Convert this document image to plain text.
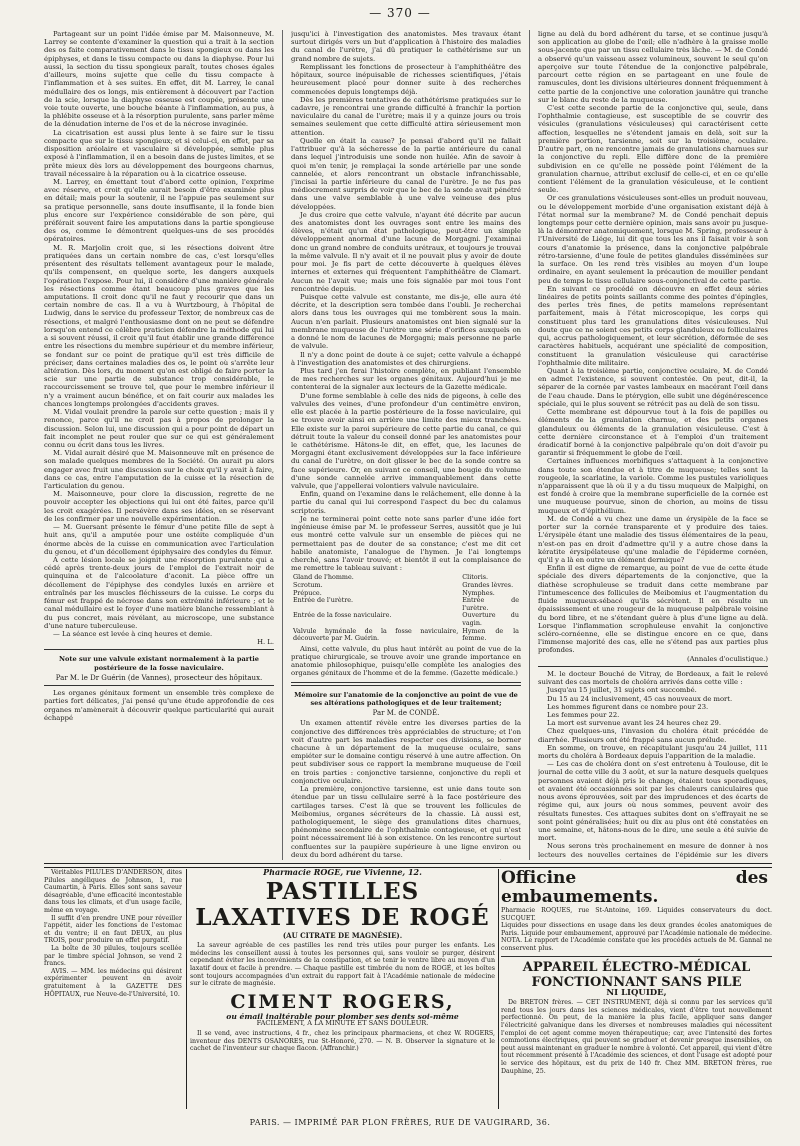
— 370 —

Partageant sur un point l'idée émise par M. Maisonneuve, M. Larrey se contente d'examiner la question qui a trait à la section des os faite comparativement dans le tissu spongieux ou dans les épiphyses, et dans le tissu compacte ou dans la diaphyse. Pour lui aussi, la section du tissu spongieux paraît, toutes choses égales d'ailleurs, moins sujette que celle du tissu compacte à l'inflammation et à ses suites. En effet, dit M. Larrey, le canal médullaire des os longs, mis entièrement à découvert par l'action de la scie, lorsque la diaphyse osseuse est coupée, présente une voie toute ouverte, une bouche béante à l'inflammation, au pus, à la phlébite osseuse et à la résorption purulente, sans parler même de la dénudation interne de l'os et de la nécrose invaginée.

La cicatrisation est aussi plus lente à se faire sur le tissu compacte que sur le tissu spongieux; et si celui-ci, en effet, par sa disposition aréolaire et vasculaire si développée, semble plus exposé à l'inflammation, il en a besoin dans de justes limites, et se prête mieux dès lors au développement des bourgeons charnus, travail nécessaire à la réparation ou à la cicatrice osseuse.

M. Larrey, en émettant tout d'abord cette opinion, l'exprime avec réserve, et croit qu'elle aurait besoin d'être examinée plus en détail; mais pour la soutenir, il ne l'appuie pas seulement sur sa pratique personnelle, sans doute insuffisante, il la fonde bien plus encore sur l'expérience considérable de son père, qui préférait souvent faire les amputations dans la partie spongieuse des os, comme le démontrent quelques-uns de ses procédés opératoires.

M. R. Marjolin croit que, si les résections doivent être pratiquées dans un certain nombre de cas, c'est lorsqu'elles présentent des résultats tellement avantageux pour le malade, qu'ils compensent, en quelque sorte, les dangers auxquels l'opération l'expose. Pour lui, il considère d'une manière générale les résections comme étant beaucoup plus graves que les amputations. Il croit donc qu'il ne faut y recourir que dans un certain nombre de cas. Il a vu à Wurtzbourg, à l'hôpital de Ludwig, dans le service du professeur Textor, de nombreux cas de résections, et malgré l'enthousiasme dont on ne peut se défendre lorsqu'on entend ce célèbre praticien défendre la méthode qui lui a si souvent réussi, il croit qu'il faut établir une grande différence entre les résections du membre supérieur et du membre inférieur, se fondant sur ce point de pratique qu'il est très difficile de préciser, dans certaines maladies des os, le point où s'arrête leur altération. Dès lors, du moment qu'on est obligé de faire porter la scie sur une partie de substance trop considérable, le raccourcissement se trouve tel, que pour le membre inférieur il n'y a vraiment aucun bénéfice, et on fait courir aux malades les chances longtemps prolongées d'accidents graves.

M. Vidal voulait prendre la parole sur cette question ; mais il y renonce, parce qu'il ne croit pas à propos de prolonger la discussion. Selon lui, une discussion qui a pour point de départ un fait incomplet ne peut rouler que sur ce qui est généralement connu ou écrit dans tous les livres.

M. Vidal aurait désiré que M. Maisonneuve mît en présence de son malade quelques membres de la Société. On aurait pu alors engager avec fruit une discussion sur le choix qu'il y avait à faire, dans ce cas, entre l'amputation de la cuisse et la résection de l'articulation du genou.

M. Maisonneuve, pour clore la discussion, regrette de ne pouvoir accepter les objections qui lui ont été faites, parce qu'il les croit exagérées. Il persévère dans ses idées, en se réservant de les confirmer par une nouvelle expérimentation.

— M. Guersant présente le fémur d'une petite fille de sept à huit ans, qu'il a amputée pour une ostéite compliquée d'un énorme abcès de la cuisse en communication avec l'articulation du genou, et d'un décollement épiphysaire des condyles du fémur.

A cette lésion locale se joignit une résorption purulente qui a cédé après trente-deux jours de l'emploi de l'extrait noir de quinquina et de l'alcoolature d'aconit. La pièce offre un décollement de l'épiphyse des condyles luxés en arrière et entraînés par les muscles fléchisseurs de la cuisse. Le corps du fémur est frappé de nécrose dans son extrémité inférieure ; et le canal médullaire est le foyer d'une matière blanche ressemblant à du pus concret, mais révélant, au microscope, une substance d'une nature tuberculeuse.

— La séance est levée à cinq heures et demie.

H. L.

Note sur une valvule existant normalement à la partie postérieure de la fosse naviculaire.

Par M. le Dr Guérin (de Vannes), prosecteur des hôpitaux.

Les organes génitaux forment un ensemble très complexe de parties fort délicates, j'ai pensé qu'une étude approfondie de ces organes m'amènerait à découvrir quelque particularité qui aurait échappé

jusqu'ici à l'investigation des anatomistes. Mes travaux étant surtout dirigés vers un but d'application à l'histoire des maladies du canal de l'urètre, j'ai dû pratiquer le cathétérisme sur un grand nombre de sujets.

Remplissant les fonctions de prosecteur à l'amphithéâtre des hôpitaux, source inépuisable de richesses scientifiques, j'étais heureusement placé pour donner suite à des recherches commencées depuis longtemps déjà.

Dès les premières tentatives de cathétérisme pratiquées sur le cadavre, je rencontrai une grande difficulté à franchir la portion naviculaire du canal de l'urètre; mais il y a quinze jours ou trois semaines seulement que cette difficulté attira sérieusement mon attention.

Quelle en était la cause? Je pensai d'abord qu'il ne fallait l'attribuer qu'à la sécheresse de la partie antérieure du canal dans lequel j'introduisis une sonde non huilée. Afin de savoir à quoi m'en tenir, je remplaçai la sonde artérielle par une sonde cannelée, et alors rencontrant un obstacle infranchissable, j'incisai la partie inférieure du canal de l'urètre. Je ne fus pas médiocrement surpris de voir que le bec de la sonde avait pénétré dans une valve semblable à une valve veineuse des plus développées.

Je dus croire que cette valvule, n'ayant été décrite par aucun des anatomistes dont les ouvrages sont entre les mains des élèves, n'était qu'un état pathologique, peut-être un simple développement anormal d'une lacune de Morgagni. J'examinai donc un grand nombre de conduits urétraux, et toujours je trouvai la même valvule. Il n'y avait et il ne pouvait plus y avoir de doute pour moi. Je fis part de cette découverte à quelques élèves internes et externes qui fréquentent l'amphithéâtre de Clamart. Aucun ne l'avait vue; mais une fois signalée par moi tous l'ont rencontrée depuis.

Puisque cette valvule est constante, me dis-je, elle aura été décrite, et la description sera tombée dans l'oubli. Je recherchai alors dans tous les ouvrages qui me tombèrent sous la main. Aucun n'en parlait. Plusieurs anatomistes ont bien signalé sur la membrane muqueuse de l'urètre une série d'orifices auxquels on a donné le nom de lacunes de Morgagni; mais personne ne parle de valvule.

Il n'y a donc point de doute à ce sujet; cette valvule a échappé à l'investigation des anatomistes et des chirurgiens.

Plus tard j'en ferai l'histoire complète, en publiant l'ensemble de mes recherches sur les organes génitaux. Aujourd'hui je me contenterai de la signaler aux lecteurs de la Gazette médicale.

D'une forme semblable à celle des nids de pigeons, à celle des valvules des veines, d'une profondeur d'un centimètre environ, elle est placée à la partie postérieure de la fosse naviculaire, qui se trouve avoir ainsi en arrière une limite des mieux tranchées. Elle existe sur la paroi supérieure de cette partie du canal, ce qui détruit toute la valeur du conseil donné par les anatomistes pour le cathétérisme. Hâtons-le dit, en effet, que, les lacunes de Morgagni étant exclusivement développées sur la face inférieure du canal de l'urètre, on doit glisser le bec de la sonde contre sa face supérieure. Or, en suivant ce conseil, une bougie du volume d'une sonde cannelée arrive immanquablement dans cette valvule, que j'appellerai volontiers valvule naviculaire.

Enfin, quand on l'examine dans le relâchement, elle donne à la partie du canal qui lui correspond l'aspect du bec du calamus scriptoris.

Je ne terminerai point cette note sans parler d'une idée fort ingénieuse émise par M. le professeur Serres, aussitôt que je lui eus montré cette valvule sur un ensemble de pièces qui ne permettaient pas de douter de sa constance; c'est me dit cet habile anatomiste, l'analogue de l'hymen. Je l'ai longtemps cherché, sans l'avoir trouvé; et bientôt il eut la complaisance de me remettre le tableau suivant :

Gland de l'homme.	Clitoris.
Scrotum.	Grandes lèvres.
Prépuce.	Nymphes.
Entrée de l'urètre.	Entrée de l'urètre.
Entrée de la fosse naviculaire.	Ouverture du vagin.
Valvule hyménale de la fosse naviculaire, découverte par M. Guérin.	Hymen de la femme.

Ainsi, cette valvule, du plus haut intérêt au point de vue de la pratique chirurgicale, se trouve avoir une grande importance en anatomie philosophique, puisqu'elle complète les analogies des organes génitaux de l'homme et de la femme. (Gazette médicale.)

Mémoire sur l'anatomie de la conjonctive au point de vue de ses altérations pathologiques et de leur traitement;

Par M. de CONDÉ.

Un examen attentif révèle entre les diverses parties de la conjonctive des différences très appréciables de structure; et l'on voit d'autre part les maladies respecter ces divisions, se borner chacune à un département de la muqueuse oculaire, sans empiéter sur le domaine contigu réservé à une autre affection. On peut subdiviser sous ce rapport la membrane muqueuse de l'œil en trois parties : conjonctive tarsienne, conjonctive du repli et conjonctive oculaire.

La première, conjonctive tarsienne, est unie dans toute son étendue par un tissu cellulaire serré à la face postérieure des cartilages tarses. C'est là que se trouvent les follicules de Meibomius, organes sécréteurs de la chassie. Là aussi est, pathologiquement, le siège des granulations dites charnues, phénomène secondaire de l'ophthalmie contagieuse, et qui n'est point nécessairement lié à son existence. On les rencontre surtout confluentes sur la paupière supérieure à une ligne environ ou deux du bord adhérent du tarse.

ligne au delà du bord adhérent du tarse, et se continue jusqu'à son application au globe de l'œil; elle n'adhère à la graisse molle sous-jacente que par un tissu cellulaire très lâche. — M. de Condé a observé qu'un vaisseau assez volumineux, souvent le seul qu'on aperçoive sur toute l'étendue de la conjonctive palpébrale, parcourt cette région en se partageant en une foule de ramuscules, dont les divisions ultérieures donnent fréquemment à cette partie de la conjonctive une coloration jaunâtre qui tranche sur le blanc du reste de la muqueuse.

C'est cette seconde partie de la conjonctive qui, seule, dans l'ophthalmie contagieuse, est susceptible de se couvrir des vésicules (granulations vésiculeuses) qui caractérisent cette affection, lesquelles ne s'étendent jamais en delà, soit sur la première portion, tarsienne, soit sur la troisième, oculaire. D'autre part, on ne rencontre jamais de granulations charnues sur la conjonctive du repli. Elle diffère donc de la première subdivision en ce qu'elle ne possède point l'élément de la granulation charnue, attribut exclusif de celle-ci, et en ce qu'elle contient l'élément de la granulation vésiculeuse, et le contient seule.

Or ces granulations vésiculeuses sont-elles un produit nouveau, ou le développement morbide d'une organisation existant déjà à l'état normal sur la membrane? M. de Condé penchait depuis longtemps pour cette dernière opinion, mais sans avoir pu jusque-là la démontrer anatomiquement, lorsque M. Spring, professeur à l'Université de Liége, lui dit que tous les ans il faisait voir à son cours d'anatomie la présence, dans la conjonctive palpébrale rétro-tarsienne, d'une foule de petites glandules disséminées sur la surface. On les rend très visibles au moyen d'un loupe ordinaire, en ayant seulement la précaution de mouiller pendant peu de temps le tissu cellulaire sous-conjonctival de cette partie.

En suivant ce procédé on découvre en effet deux séries linéaires de petits points saillants comme des pointes d'épingles, des perles très fines, de petits mamelons représentant parfaitement, mais à l'état microscopique, les corps qui constituent plus tard les granulations dites vésiculeuses. Nul doute que ce ne soient ces petits corps glanduleux ou folliculaires qui, accrus pathologiquement, et leur sécrétion, déformée de ses caractères habituels, acquérant une spécialité de composition, constituent la granulation vésiculeuse qui caractérise l'ophthalmie dite militaire.

Quant à la troisième partie, conjonctive oculaire, M. de Condé en admet l'existence, si souvent contestée. On peut, dit-il, la séparer de la cornée par vastes lambeaux en macérant l'œil dans de l'eau chaude. Dans le ptérygion, elle subit une dégénérescence spéciale, qui le plus souvent se rétrécit pas au delà de son tissu.

Cette membrane est dépourvue tout à la fois de papilles ou éléments de la granulation charnue, et des petits organes glanduleux ou éléments de la granulation vésiculeuse. C'est à cette dernière circonstance et à l'emploi d'un traitement éradicatif borné à la conjonctive palpébrale qu'on doit d'avoir pu garantir si fréquemment le globe de l'œil.

Certaines influences morbifiques s'attaquent à la conjonctive dans toute son étendue et à titre de muqueuse; telles sont la rougeole, la scarlatine, la variole. Comme les pustules varioliques n'apparaissent que là où il y a du tissu muqueux de Malpighi, on est fondé à croire que la membrane superficielle de la cornée est une muqueuse pourvue, sinon de chorion, au moins de tissu muqueux et d'épithélium.

M. de Condé a vu chez une dame un érysipèle de la face se porter sur la cornée transparente et y produire des taies. L'érysipèle étant une maladie des tissus élémentaires de la peau, n'est-on pas en droit d'admettre qu'il y a autre chose dans la kératite érysipélateuse qu'une maladie de l'épiderme cornéen, qu'il y a là en outre un élément dermique?

Enfin il est digne de remarque, au point de vue de cette étude spéciale des divers départements de la conjonctive, que la diathèse scrophuleuse se traduit dans cette membrane par l'intumescence des follicules de Meibomius et l'augmentation du fluide muqueux-sébacé qu'ils sécrètent. Il en résulte un épaississement et une rougeur de la muqueuse palpébrale voisine du bord libre, et ne s'étendant guère à plus d'une ligne au delà. Lorsque l'inflammation scrophuleuse envahit la conjonctive scléro-cornéenne, elle se distingue encore en ce que, dans l'immense majorité des cas, elle ne s'étend pas aux parties plus profondes.

(Annales d'oculistique.)

M. le docteur Bouché de Vitray, de Bordeaux, a fait le relevé suivant des cas mortels de choléra arrivés dans cette ville :

Jusqu'au 15 juillet, 31 sujets ont succombé.

Du 15 au 24 inclusivement, 45 cas nouveaux de mort.

Les hommes figurent dans ce nombre pour 23.

Les femmes pour 22.

La mort est survenue avant les 24 heures chez 29.

Chez quelques-uns, l'invasion du choléra était précédée de diarrhée. Plusieurs ont été frappé sans aucun prélude.

En somme, on trouve, en récapitulant jusqu'au 24 juillet, 111 morts du choléra à Bordeaux depuis l'apparition de la maladie.

— Les cas de choléra dont on s'est entretenu à Toulouse, dit le journal de cette ville du 3 août, et sur la nature desquels quelques personnes avaient déjà pris le change, étaient tous sporadiques, et avaient été occasionnés soit par les chaleurs caniculaires que nous avons éprouvées, soit par des imprudences et des écarts de régime qui, aux jours où nous sommes, peuvent avoir des résultats funestes. Ces attaques subites dont on s'effrayait ne se sont point généralisées; huit ou dix au plus ont été constatées en une semaine, et, hâtons-nous de le dire, une seule a été suivie de mort.

Nous serons très prochainement en mesure de donner à nos lecteurs des nouvelles certaines de l'épidémie sur les divers

Véritables PILULES D'ANDERSON, dites Pilules angéliques de Johnson, 1, rue Caumartin, à Paris. Elles sont sans saveur désagréable, d'une efficacité incontestable dans tous les climats, et d'un usage facile, même en voyage.

Il suffit d'en prendre UNE pour réveiller l'appétit, aider les fonctions de l'estomac et du ventre; il en faut DEUX, au plus TROIS, pour produire un effet purgatif.

La boîte de 30 pilules, toujours scellée par le timbre spécial Johnson, se vend 2 francs.

AVIS. — MM. les médecins qui désirent expérimenter peuvent en avoir gratuitement à la GAZETTE DES HÔPITAUX, rue Neuve-de-l'Université, 10.

Pharmacie ROGÉ, rue Vivienne, 12.
PASTILLES LAXATIVES DE ROGÉ
(AU CITRATE DE MAGNÉSIE).

La saveur agréable de ces pastilles les rend très utiles pour purger les enfants. Les médecins les conseillent aussi à toutes les personnes qui, sans vouloir se purger, désirent cependant éviter les inconvénients de la constipation, et se tenir le ventre libre au moyen d'un laxatif doux et facile à prendre. — Chaque pastille est timbrée du nom de ROGÉ, et les boîtes sont toujours accompagnées d'un extrait du rapport fait à l'Académie nationale de médecine sur le citrate de magnésie.

CIMENT ROGERS,
ou émail inaltérable pour plomber ses dents soi-même
FACILEMENT, A LA MINUTE ET SANS DOULEUR.

Il se vend, avec instructions, 4 fr., chez les principaux pharmaciens, et chez W. ROGERS, inventeur des DENTS OSANORES, rue St-Honoré, 270. — N. B. Observer la signature et le cachet de l'inventeur sur chaque flacon. (Affranchir.)

Officine des embaumements.
Pharmacie ROQUES, rue St-Antoine, 169. Liquides conservateurs du doct. SUCQUET.

Liquides pour dissections en usage dans les deux grandes écoles anatomiques de Paris. Liquide pour embaumement, approuvé par l'Académie nationale de médecine. NOTA. Le rapport de l'Académie constate que les procédés actuels de M. Gannal ne conservent plus.

APPAREIL ÉLECTRO-MÉDICAL FONCTIONNANT SANS PILE
NI LIQUIDE,

De BRETON frères. — CET INSTRUMENT, déjà si connu par les services qu'il rend tous les jours dans les sciences médicales, vient d'être tout nouvellement perfectionné. On peut, de la manière la plus facile, appliquer sans danger l'électricité galvanique dans les diverses et nombreuses maladies qui nécessitent l'emploi de cet agent comme moyen thérapeutique; car, avec l'intensité des fortes commotions électriques, qui peuvent se graduer et devenir presque insensibles, on peut aussi maintenant en graduer le nombre à volonté. Cet appareil, qui vient d'être tout récemment présenté à l'Académie des sciences, et dont l'usage est adopté pour le service des hôpitaux, est du prix de 140 fr. Chez MM. BRETON frères, rue Dauphine, 25.

PARIS. — IMPRIMÉ PAR PLON FRÈRES, RUE DE VAUGIRARD, 36.
